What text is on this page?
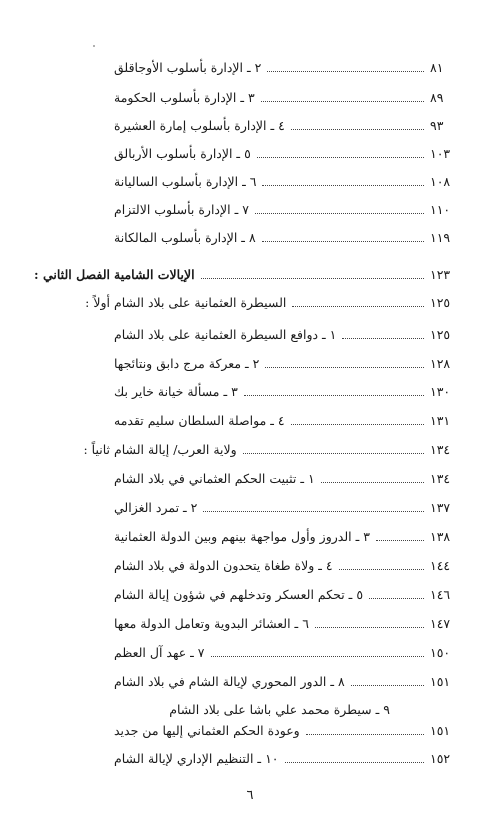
٢ ـ الإدارة بأسلوب الأوجاقلق	٨١
٣ ـ الإدارة بأسلوب الحكومة	٨٩
٤ ـ الإدارة بأسلوب إمارة العشيرة	٩٣
٥ ـ الإدارة بأسلوب الأربالق	١٠٣
٦ ـ الإدارة بأسلوب الساليانة	١٠٨
٧ ـ الإدارة بأسلوب الالتزام	١١٠
٨ ـ الإدارة بأسلوب المالكانة	١١٩
الفصل الثاني : الإيالات الشامية	١٢٣
أولاً : السيطرة العثمانية على بلاد الشام	١٢٥
١ ـ دوافع السيطرة العثمانية على بلاد الشام	١٢٥
٢ ـ معركة مرج دابق ونتائجها	١٢٨
٣ ـ مسألة خيانة خاير بك	١٣٠
٤ ـ مواصلة السلطان سليم تقدمه	١٣١
ثانياً : ولاية العرب/ إيالة الشام	١٣٤
١ ـ تثبيت الحكم العثماني في بلاد الشام	١٣٤
٢ ـ تمرد الغزالي	١٣٧
٣ ـ الدروز وأول مواجهة بينهم وبين الدولة العثمانية	١٣٨
٤ ـ ولاة طغاة يتحدون الدولة في بلاد الشام	١٤٤
٥ ـ تحكم العسكر وتدخلهم في شؤون إيالة الشام	١٤٦
٦ ـ العشائر البدوية وتعامل الدولة معها	١٤٧
٧ ـ عهد آل العظم	١٥٠
٨ ـ الدور المحوري لإيالة الشام في بلاد الشام	١٥١
٩ ـ سيطرة محمد علي باشا على بلاد الشام
وعودة الحكم العثماني إليها من جديد	١٥١
١٠ ـ التنظيم الإداري لإيالة الشام	١٥٢
٦
